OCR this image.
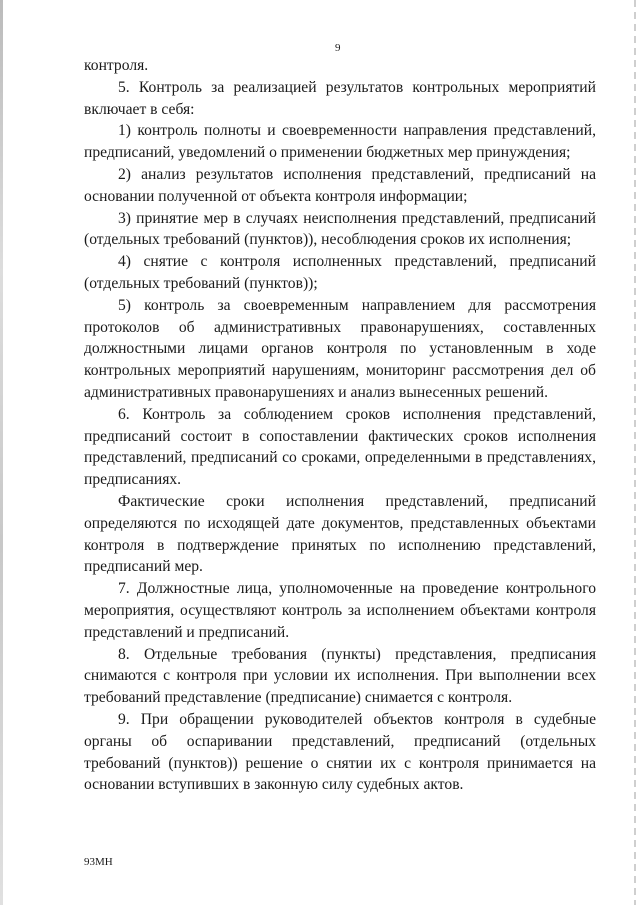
9

контроля.

5. Контроль за реализацией результатов контрольных мероприятий включает в себя:

1) контроль полноты и своевременности направления представлений, предписаний, уведомлений о применении бюджетных мер принуждения;

2) анализ результатов исполнения представлений, предписаний на основании полученной от объекта контроля информации;

3) принятие мер в случаях неисполнения представлений, предписаний (отдельных требований (пунктов)), несоблюдения сроков их исполнения;

4) снятие с контроля исполненных представлений, предписаний (отдельных требований (пунктов));

5) контроль за своевременным направлением для рассмотрения протоколов об административных правонарушениях, составленных должностными лицами органов контроля по установленным в ходе контрольных мероприятий нарушениям, мониторинг рассмотрения дел об административных правонарушениях и анализ вынесенных решений.

6. Контроль за соблюдением сроков исполнения представлений, предписаний состоит в сопоставлении фактических сроков исполнения представлений, предписаний со сроками, определенными в представлениях, предписаниях.

Фактические сроки исполнения представлений, предписаний определяются по исходящей дате документов, представленных объектами контроля в подтверждение принятых по исполнению представлений, предписаний мер.

7. Должностные лица, уполномоченные на проведение контрольного мероприятия, осуществляют контроль за исполнением объектами контроля представлений и предписаний.

8. Отдельные требования (пункты) представления, предписания снимаются с контроля при условии их исполнения. При выполнении всех требований представление (предписание) снимается с контроля.

9. При обращении руководителей объектов контроля в судебные органы об оспаривании представлений, предписаний (отдельных требований (пунктов)) решение о снятии их с контроля принимается на основании вступивших в законную силу судебных актов.

93МН
